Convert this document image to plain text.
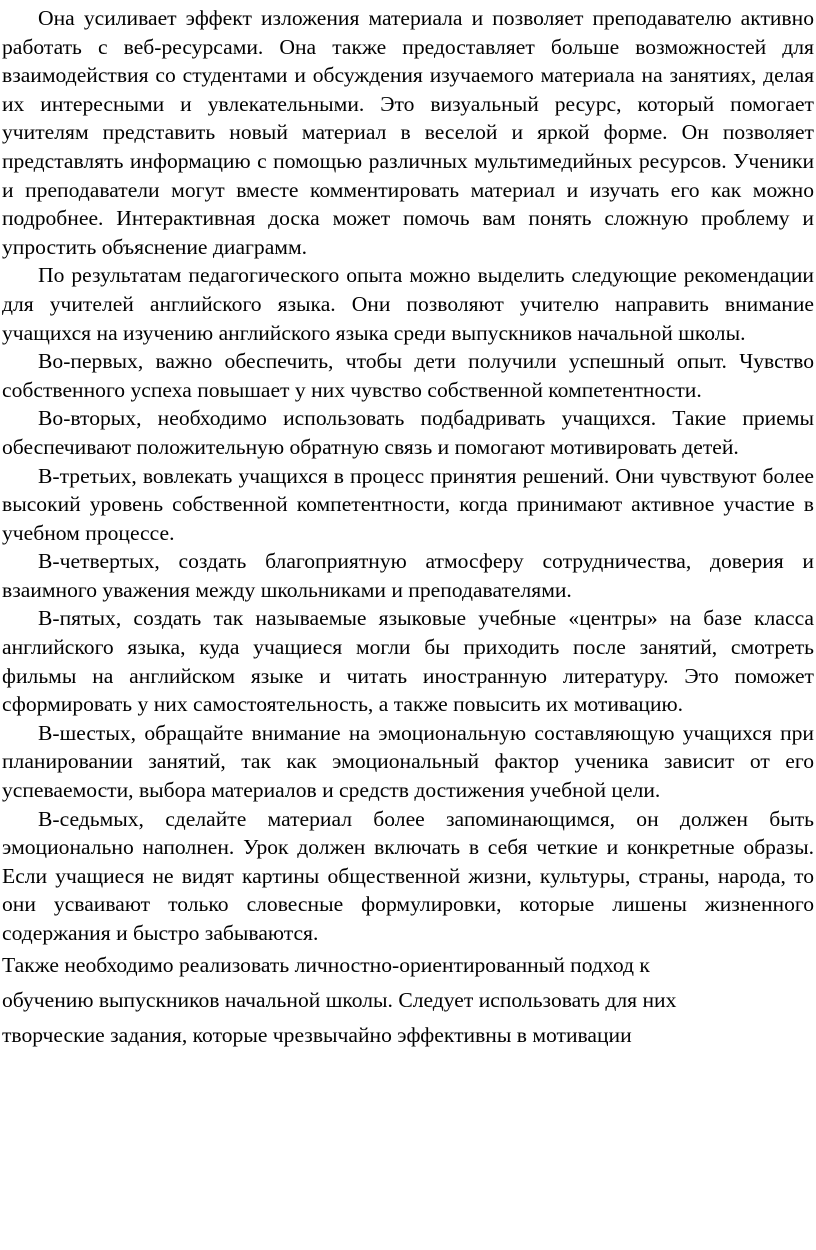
Она усиливает эффект изложения материала и позволяет преподавателю активно работать с веб-ресурсами. Она также предоставляет больше возможностей для взаимодействия со студентами и обсуждения изучаемого материала на занятиях, делая их интересными и увлекательными. Это визуальный ресурс, который помогает учителям представить новый материал в веселой и яркой форме. Он позволяет представлять информацию с помощью различных мультимедийных ресурсов. Ученики и преподаватели могут вместе комментировать материал и изучать его как можно подробнее. Интерактивная доска может помочь вам понять сложную проблему и упростить объяснение диаграмм.

По результатам педагогического опыта можно выделить следующие рекомендации для учителей английского языка. Они позволяют учителю направить внимание учащихся на изучению английского языка среди выпускников начальной школы.

Во-первых, важно обеспечить, чтобы дети получили успешный опыт. Чувство собственного успеха повышает у них чувство собственной компетентности.

Во-вторых, необходимо использовать подбадривать учащихся. Такие приемы обеспечивают положительную обратную связь и помогают мотивировать детей.

В-третьих, вовлекать учащихся в процесс принятия решений. Они чувствуют более высокий уровень собственной компетентности, когда принимают активное участие в учебном процессе.

В-четвертых, создать благоприятную атмосферу сотрудничества, доверия и взаимного уважения между школьниками и преподавателями.

В-пятых, создать так называемые языковые учебные «центры» на базе класса английского языка, куда учащиеся могли бы приходить после занятий, смотреть фильмы на английском языке и читать иностранную литературу. Это поможет сформировать у них самостоятельность, а также повысить их мотивацию.

В-шестых, обращайте внимание на эмоциональную составляющую учащихся при планировании занятий, так как эмоциональный фактор ученика зависит от его успеваемости, выбора материалов и средств достижения учебной цели.

В-седьмых, сделайте материал более запоминающимся, он должен быть эмоционально наполнен. Урок должен включать в себя четкие и конкретные образы. Если учащиеся не видят картины общественной жизни, культуры, страны, народа, то они усваивают только словесные формулировки, которые лишены жизненного содержания и быстро забываются.

Также необходимо реализовать личностно-ориентированный подход к

обучению выпускников начальной школы. Следует использовать для них

творческие задания, которые чрезвычайно эффективны в мотивации
